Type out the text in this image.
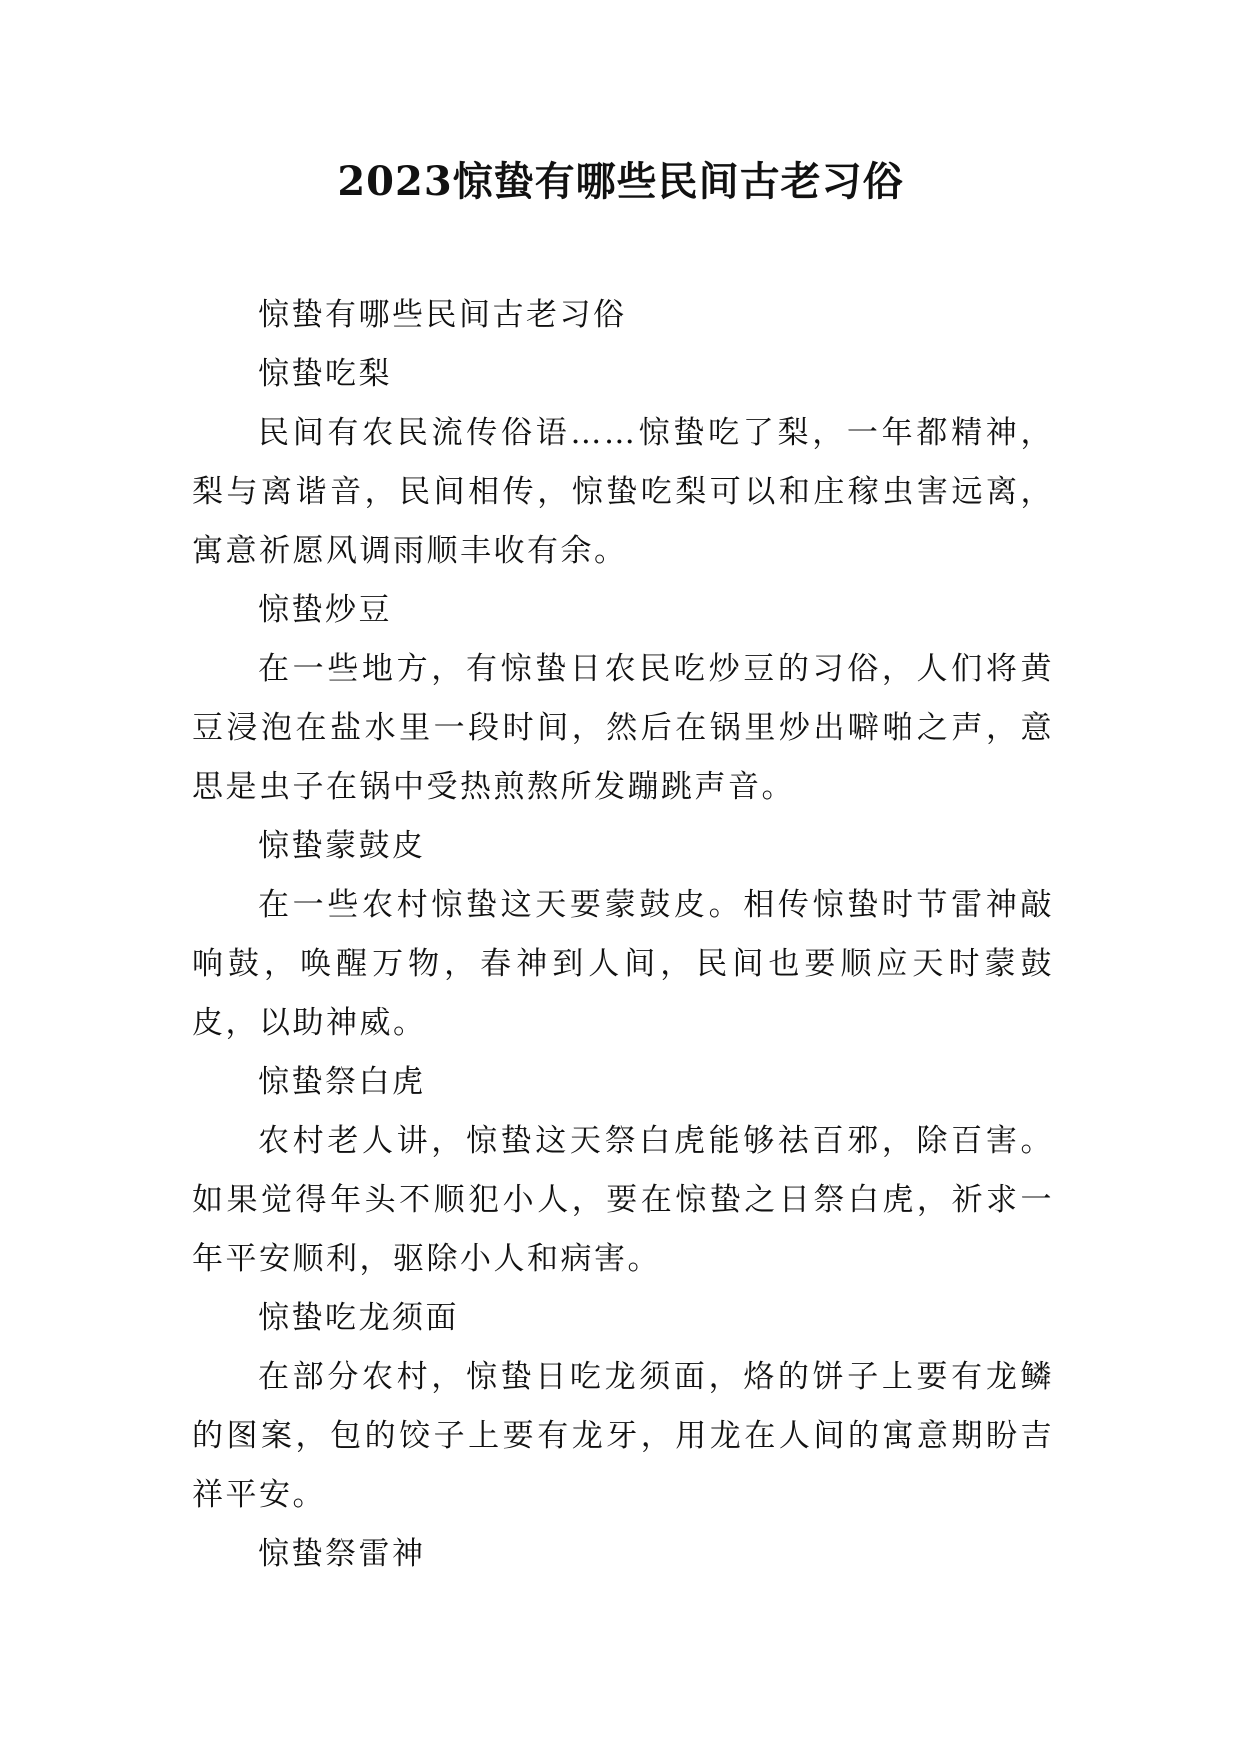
2023惊蛰有哪些民间古老习俗

惊蛰有哪些民间古老习俗

惊蛰吃梨

民间有农民流传俗语……惊蛰吃了梨，一年都精神，梨与离谐音，民间相传，惊蛰吃梨可以和庄稼虫害远离，寓意祈愿风调雨顺丰收有余。

惊蛰炒豆

在一些地方，有惊蛰日农民吃炒豆的习俗，人们将黄豆浸泡在盐水里一段时间，然后在锅里炒出噼啪之声，意思是虫子在锅中受热煎熬所发蹦跳声音。

惊蛰蒙鼓皮

在一些农村惊蛰这天要蒙鼓皮。相传惊蛰时节雷神敲响鼓，唤醒万物，春神到人间，民间也要顺应天时蒙鼓皮，以助神威。

惊蛰祭白虎

农村老人讲，惊蛰这天祭白虎能够祛百邪，除百害。如果觉得年头不顺犯小人，要在惊蛰之日祭白虎，祈求一年平安顺利，驱除小人和病害。

惊蛰吃龙须面

在部分农村，惊蛰日吃龙须面，烙的饼子上要有龙鳞的图案，包的饺子上要有龙牙，用龙在人间的寓意期盼吉祥平安。

惊蛰祭雷神
